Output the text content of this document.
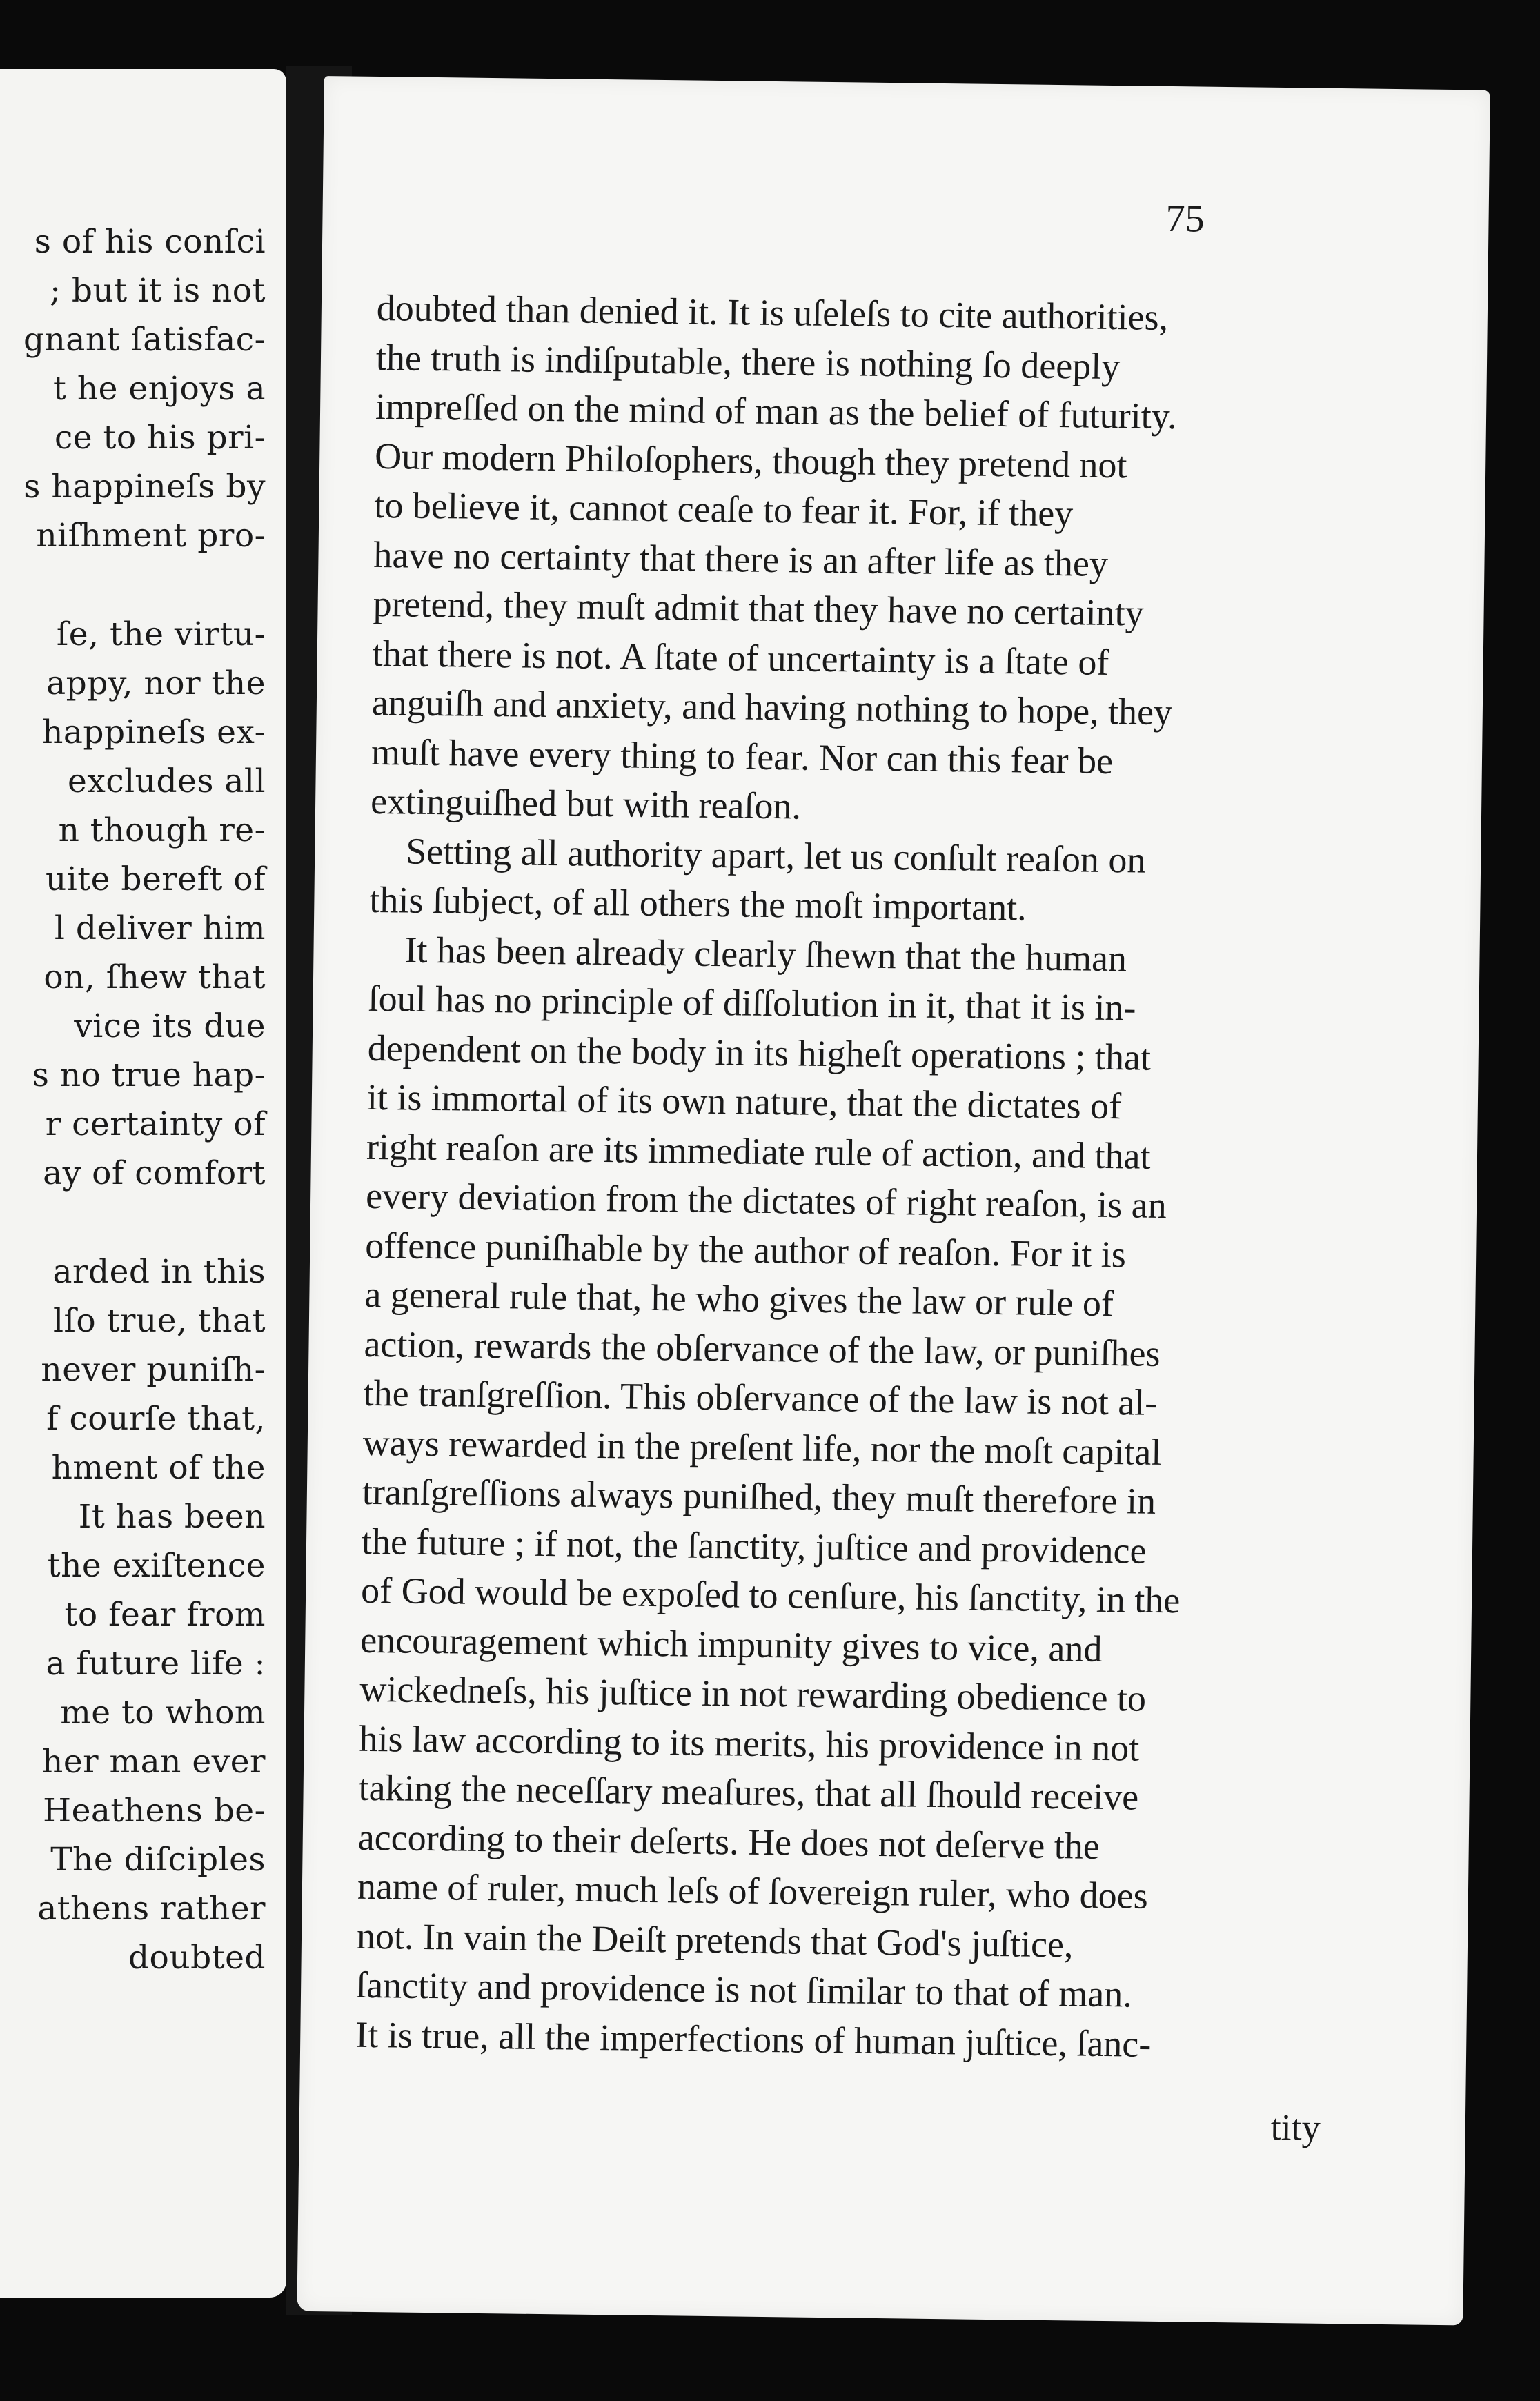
s of his conſci
; but it is not
gnant ſatisfac-
t he enjoys a
ce to his pri-
s happineſs by
niſhment pro-
ſe, the virtu-
appy, nor the
happineſs ex-
excludes all
n though re-
uite bereft of
l deliver him
on, ſhew that
vice its due
s no true hap-
r certainty of
ay of comfort
arded in this
lſo true, that
never puniſh-
f courſe that,
hment of the
It has been
the exiſtence
to fear from
a future life :
me to whom
her man ever
Heathens be-
The diſciples
athens rather
doubted
75
doubted than denied it. It is uſeleſs to cite authorities,
the truth is indiſputable, there is nothing ſo deeply
impreſſed on the mind of man as the belief of futurity.
Our modern Philoſophers, though they pretend not
to believe it, cannot ceaſe to fear it. For, if they
have no certainty that there is an after life as they
pretend, they muſt admit that they have no certainty
that there is not. A ſtate of uncertainty is a ſtate of
anguiſh and anxiety, and having nothing to hope, they
muſt have every thing to fear. Nor can this fear be
extinguiſhed but with reaſon.
Setting all authority apart, let us conſult reaſon on
this ſubject, of all others the moſt important.
It has been already clearly ſhewn that the human
ſoul has no principle of diſſolution in it, that it is in-
dependent on the body in its higheſt operations ; that
it is immortal of its own nature, that the dictates of
right reaſon are its immediate rule of action, and that
every deviation from the dictates of right reaſon, is an
offence puniſhable by the author of reaſon. For it is
a general rule that, he who gives the law or rule of
action, rewards the obſervance of the law, or puniſhes
the tranſgreſſion. This obſervance of the law is not al-
ways rewarded in the preſent life, nor the moſt capital
tranſgreſſions always puniſhed, they muſt therefore in
the future ; if not, the ſanctity, juſtice and providence
of God would be expoſed to cenſure, his ſanctity, in the
encouragement which impunity gives to vice, and
wickedneſs, his juſtice in not rewarding obedience to
his law according to its merits, his providence in not
taking the neceſſary meaſures, that all ſhould receive
according to their deſerts. He does not deſerve the
name of ruler, much leſs of ſovereign ruler, who does
not. In vain the Deiſt pretends that God's juſtice,
ſanctity and providence is not ſimilar to that of man.
It is true, all the imperfections of human juſtice, ſanc-
tity
